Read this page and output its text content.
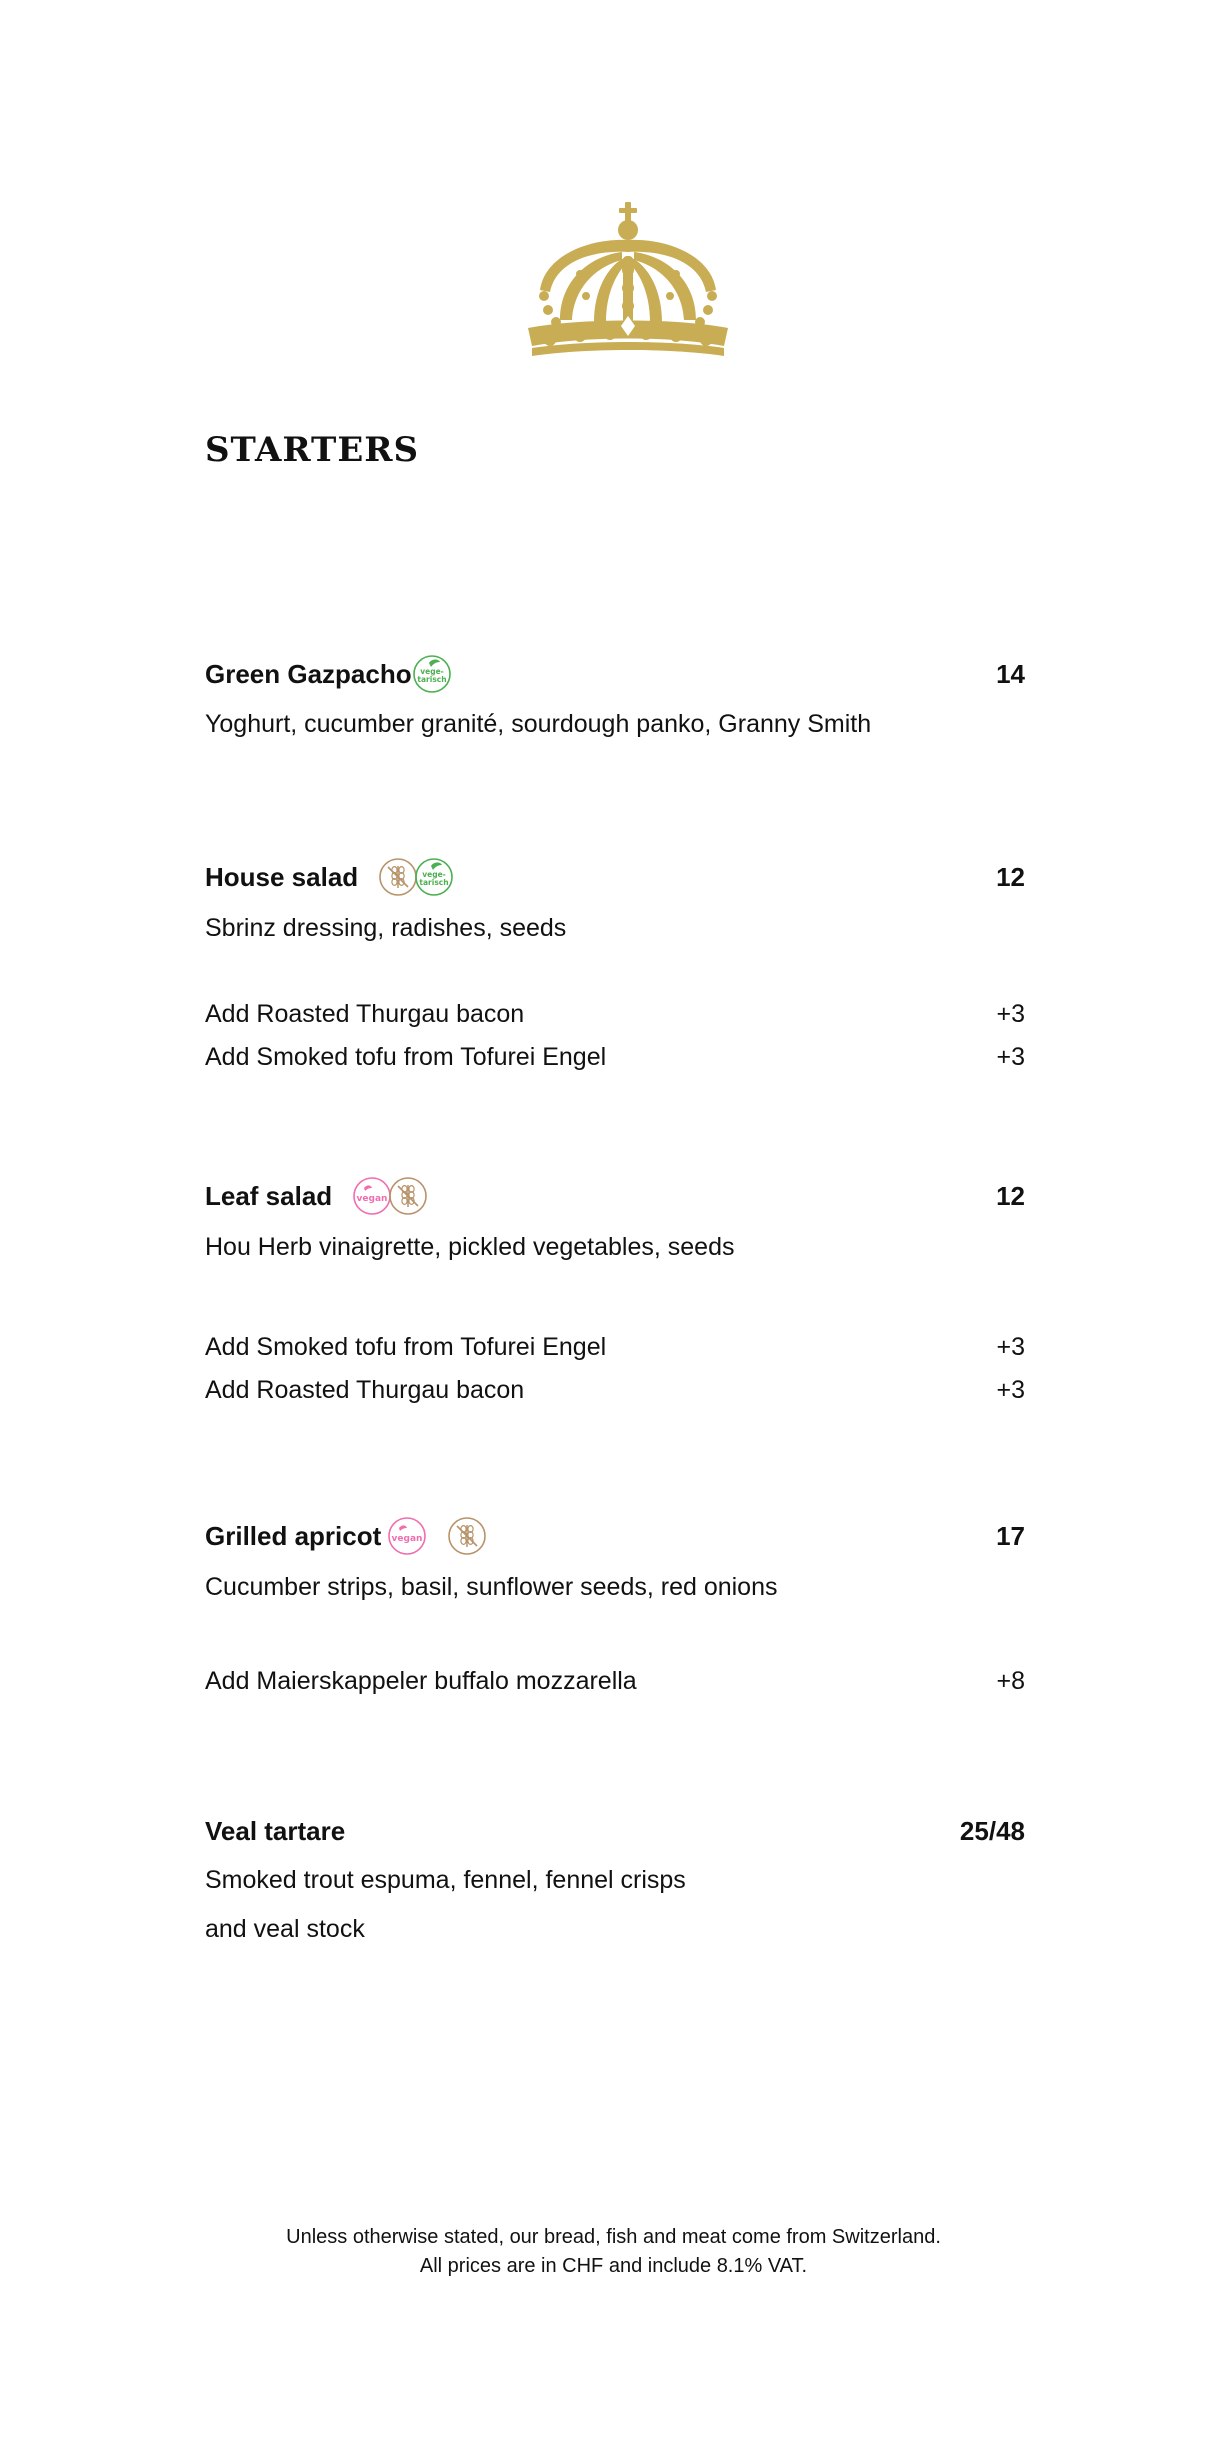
STARTERS
Green Gazpacho	14
Yoghurt, cucumber granité, sourdough panko, Granny Smith
House salad	12
Sbrinz dressing, radishes, seeds
Add Roasted Thurgau bacon	+3
Add Smoked tofu from Tofurei Engel	+3
Leaf salad	12
Hou Herb vinaigrette, pickled vegetables, seeds
Add Smoked tofu from Tofurei Engel	+3
Add Roasted Thurgau bacon	+3
Grilled apricot	17
Cucumber strips, basil, sunflower seeds, red onions
Add Maierskappeler buffalo mozzarella	+8
Veal tartare	25/48
Smoked trout espuma, fennel, fennel crisps
and veal stock
Unless otherwise stated, our bread, fish and meat come from Switzerland.
All prices are in CHF and include 8.1% VAT.
